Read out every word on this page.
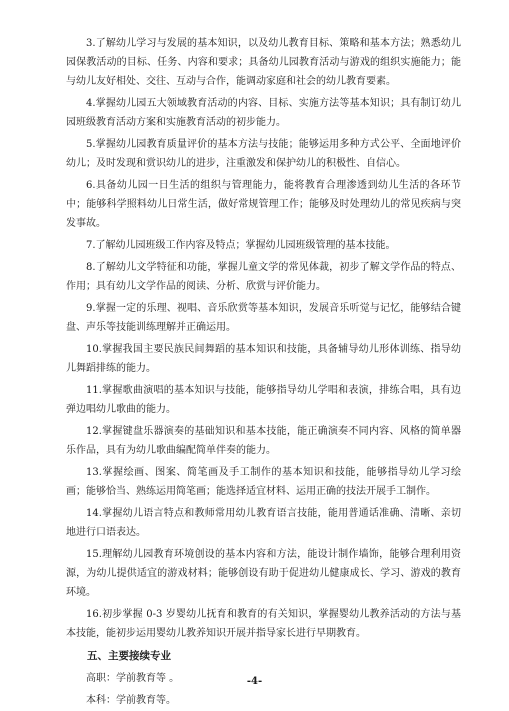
3.了解幼儿学习与发展的基本知识，以及幼儿教育目标、策略和基本方法；熟悉幼儿园保教活动的目标、任务、内容和要求；具备幼儿园教育活动与游戏的组织实施能力；能与幼儿友好相处、交往、互动与合作，能调动家庭和社会的幼儿教育要素。

4.掌握幼儿园五大领域教育活动的内容、目标、实施方法等基本知识；具有制订幼儿园班级教育活动方案和实施教育活动的初步能力。

5.掌握幼儿园教育质量评价的基本方法与技能；能够运用多种方式公平、全面地评价幼儿；及时发现和赏识幼儿的进步，注重激发和保护幼儿的积极性、自信心。

6.具备幼儿园一日生活的组织与管理能力，能将教育合理渗透到幼儿生活的各环节中；能够科学照料幼儿日常生活，做好常规管理工作；能够及时处理幼儿的常见疾病与突发事故。

7.了解幼儿园班级工作内容及特点；掌握幼儿园班级管理的基本技能。

8.了解幼儿文学特征和功能，掌握儿童文学的常见体裁，初步了解文学作品的特点、作用；具有幼儿文学作品的阅读、分析、欣赏与评价能力。

9.掌握一定的乐理、视唱、音乐欣赏等基本知识，发展音乐听觉与记忆，能够结合键盘、声乐等技能训练理解并正确运用。

10.掌握我国主要民族民间舞蹈的基本知识和技能，具备辅导幼儿形体训练、指导幼儿舞蹈排练的能力。

11.掌握歌曲演唱的基本知识与技能，能够指导幼儿学唱和表演，排练合唱，具有边弹边唱幼儿歌曲的能力。

12.掌握键盘乐器演奏的基础知识和基本技能，能正确演奏不同内容、风格的简单器乐作品，具有为幼儿歌曲编配简单伴奏的能力。

13.掌握绘画、图案、简笔画及手工制作的基本知识和技能，能够指导幼儿学习绘画；能够恰当、熟练运用简笔画；能选择适宜材料、运用正确的技法开展手工制作。

14.掌握幼儿语言特点和教师常用幼儿教育语言技能，能用普通话准确、清晰、亲切地进行口语表达。

15.理解幼儿园教育环境创设的基本内容和方法，能设计制作墙饰，能够合理利用资源，为幼儿提供适宜的游戏材料；能够创设有助于促进幼儿健康成长、学习、游戏的教育环境。

16.初步掌握 0-3 岁婴幼儿抚育和教育的有关知识，掌握婴幼儿教养活动的方法与基本技能，能初步运用婴幼儿教养知识开展并指导家长进行早期教育。

五、主要接续专业
高职：学前教育等 。
本科：学前教育等。
-4-
